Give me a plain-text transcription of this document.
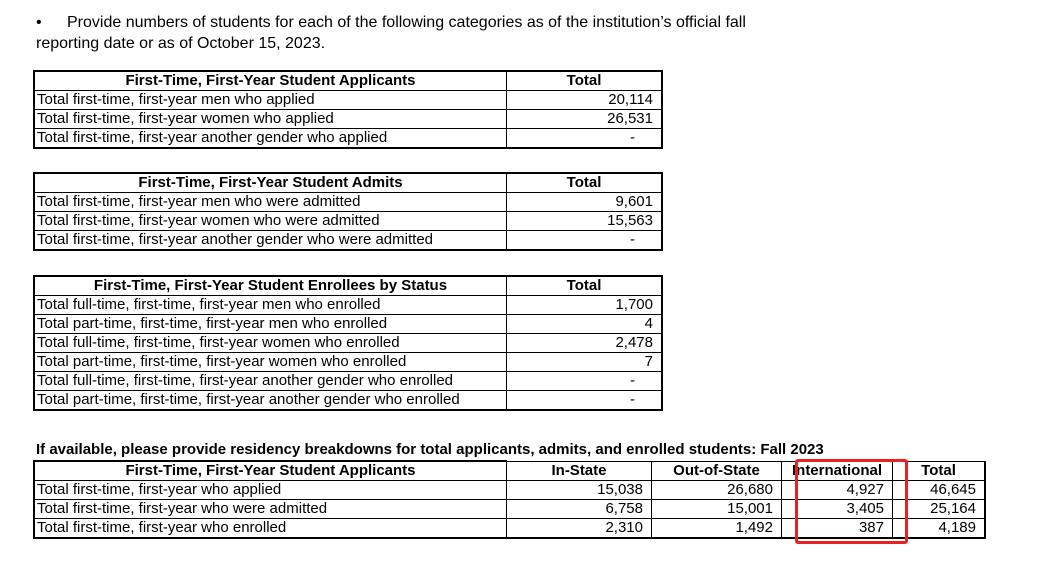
•	Provide numbers of students for each of the following categories as of the institution’s official fall
reporting date or as of October 15, 2023.
First-Time, First-Year Student Applicants	Total
Total first-time, first-year men who applied	20,114
Total first-time, first-year women who applied	26,531
Total first-time, first-year another gender who applied	-
First-Time, First-Year Student Admits	Total
Total first-time, first-year men who were admitted	9,601
Total first-time, first-year women who were admitted	15,563
Total first-time, first-year another gender who were admitted	-
First-Time, First-Year Student Enrollees by Status	Total
Total full-time, first-time, first-year men who enrolled	1,700
Total part-time, first-time, first-year men who enrolled	4
Total full-time, first-time, first-year women who enrolled	2,478
Total part-time, first-time, first-year women who enrolled	7
Total full-time, first-time, first-year another gender who enrolled	-
Total part-time, first-time, first-year another gender who enrolled	-
If available, please provide residency breakdowns for total applicants, admits, and enrolled students: Fall 2023
First-Time, First-Year Student Applicants	In-State	Out-of-State	International	Total
Total first-time, first-year who applied	15,038	26,680	4,927	46,645
Total first-time, first-year who were admitted	6,758	15,001	3,405	25,164
Total first-time, first-year who enrolled	2,310	1,492	387	4,189
